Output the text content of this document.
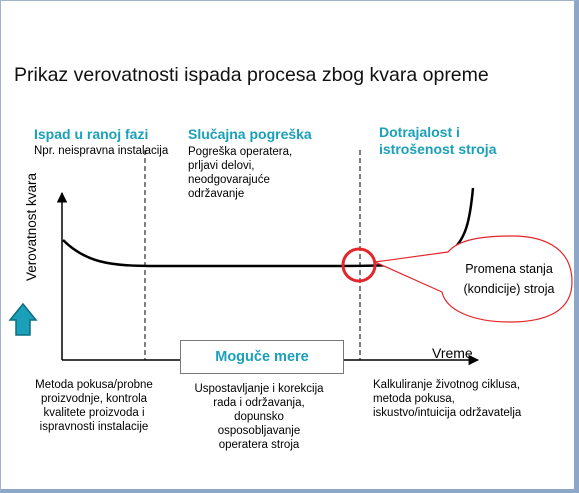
Prikaz verovatnosti ispada procesa zbog kvara opreme
Ispad u ranoj fazi
Npr. neispravna instalacija
Slučajna pogreška
Pogreška operatera,
prljavi delovi,
neodgovarajuće
održavanje
Dotrajalost i
istrošenost stroja
Verovatnost kvara
Vreme
Promena stanja
(kondicije) stroja
Moguče mere
Metoda pokusa/probne
proizvodnje, kontrola
kvalitete proizvoda i
ispravnosti instalacije
Uspostavljanje i korekcija
rada i održavanja,
dopunsko
osposobljavanje
operatera stroja
Kalkuliranje životnog ciklusa,
metoda pokusa,
iskustvo/intuicija održavatelja
